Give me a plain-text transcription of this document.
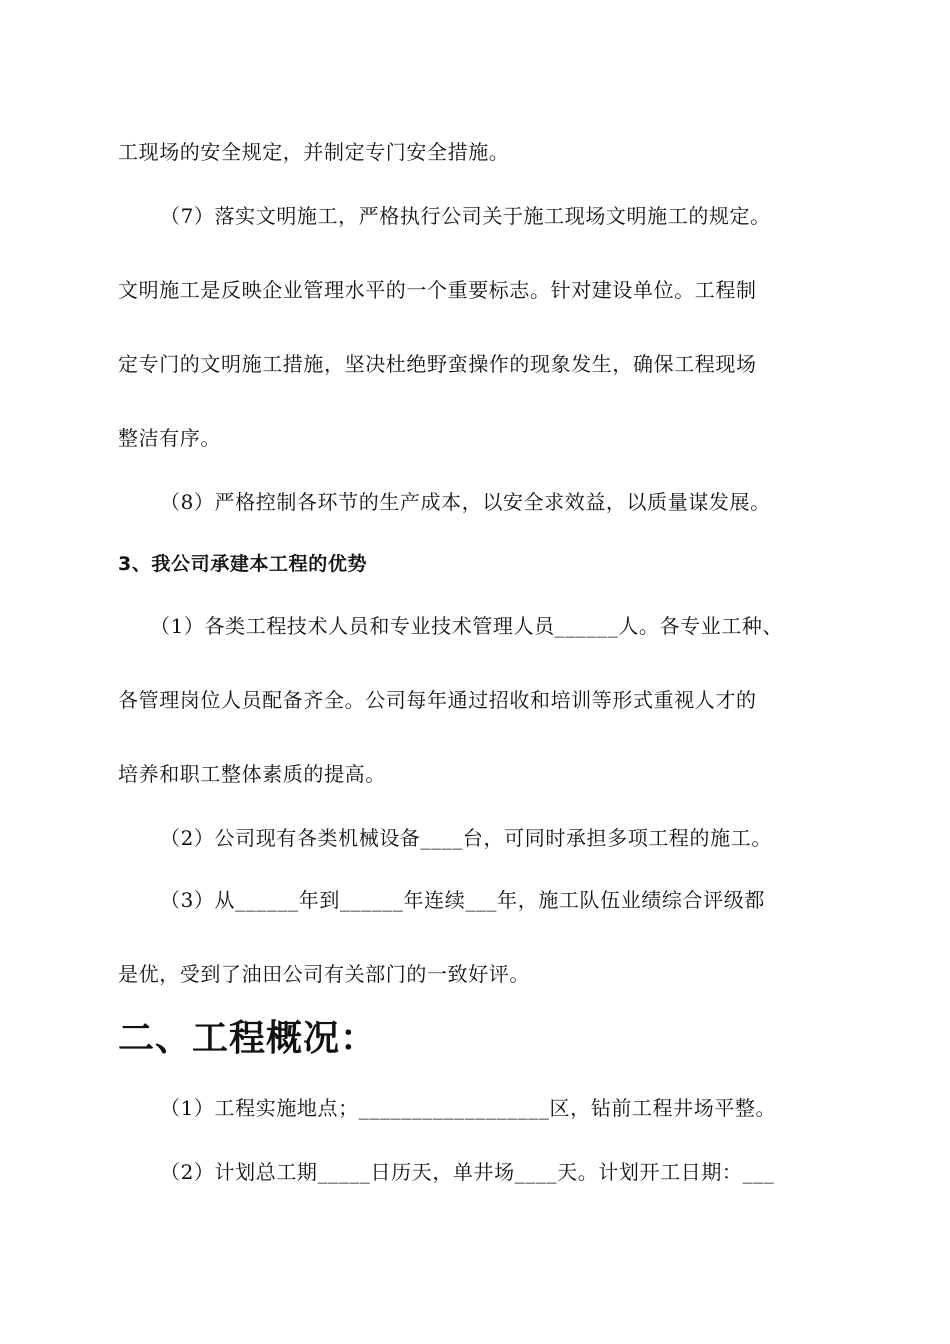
工现场的安全规定，并制定专门安全措施。
（7）落实文明施工，严格执行公司关于施工现场文明施工的规定。
文明施工是反映企业管理水平的一个重要标志。针对建设单位。工程制
定专门的文明施工措施，坚决杜绝野蛮操作的现象发生，确保工程现场
整洁有序。
（8）严格控制各环节的生产成本，以安全求效益，以质量谋发展。
3、我公司承建本工程的优势
（1）各类工程技术人员和专业技术管理人员______人。各专业工种、
各管理岗位人员配备齐全。公司每年通过招收和培训等形式重视人才的
培养和职工整体素质的提高。
（2）公司现有各类机械设备____台，可同时承担多项工程的施工。
（3）从______年到______年连续___年，施工队伍业绩综合评级都
是优，受到了油田公司有关部门的一致好评。
二、工程概况：
（1）工程实施地点；__________________区，钻前工程井场平整。
（2）计划总工期_____日历天，单井场____天。计划开工日期：___
